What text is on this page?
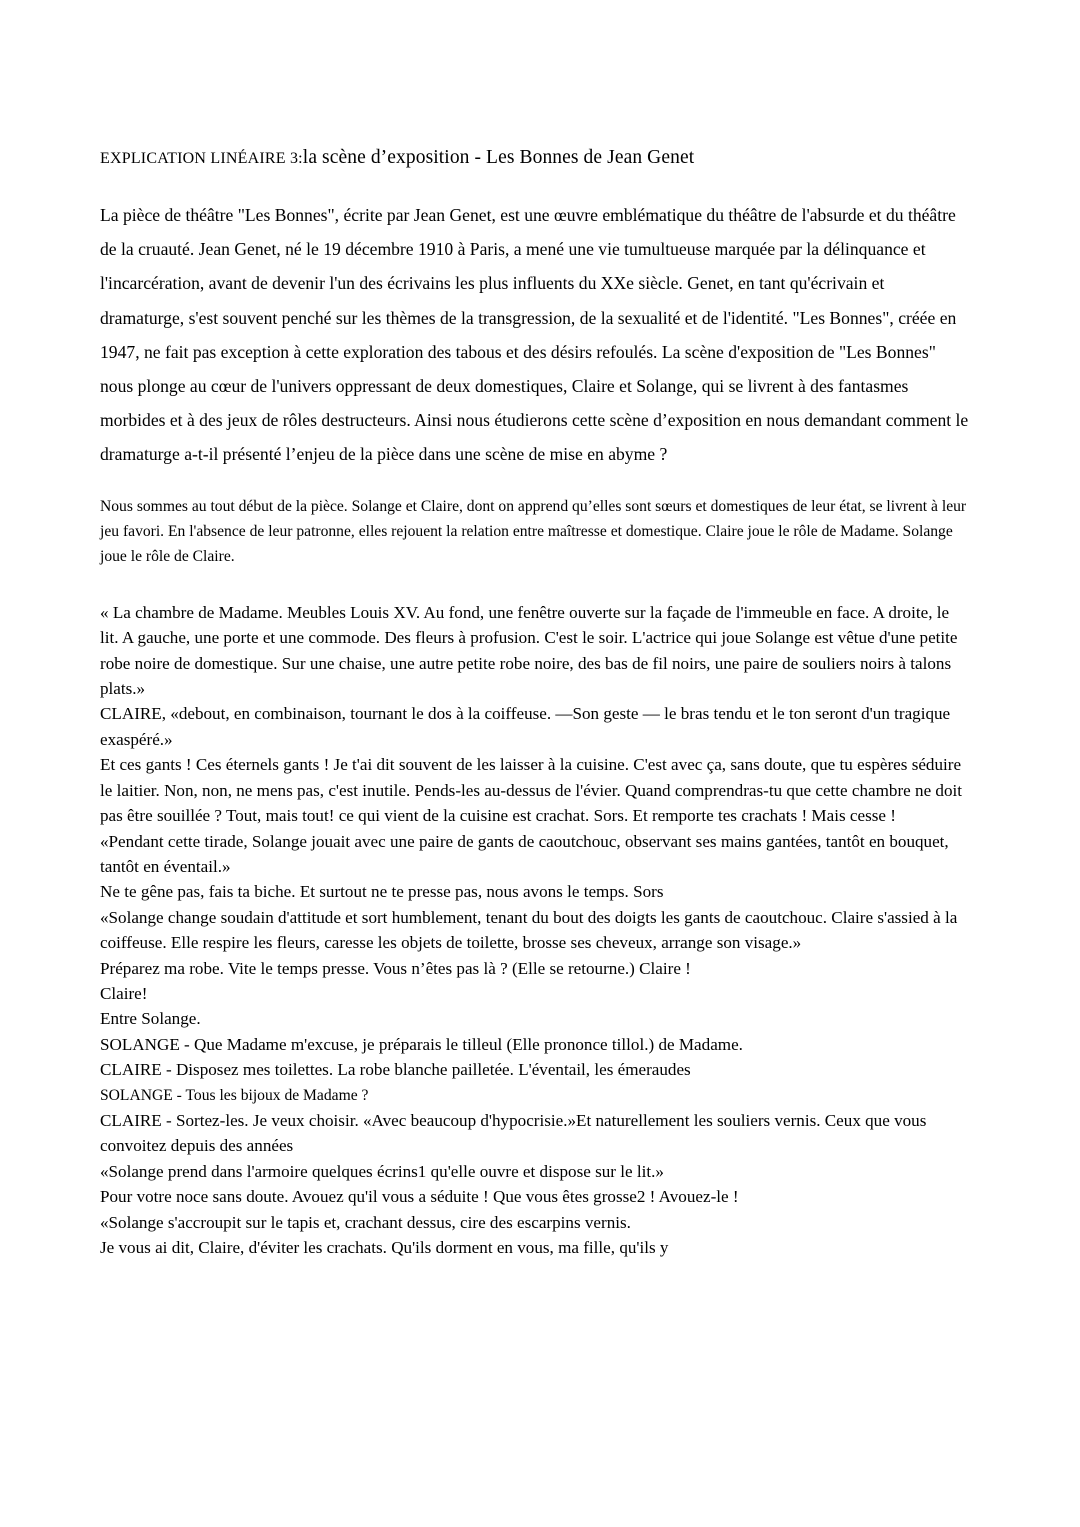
EXPLICATION LINÉAIRE 3:la scène d’exposition - Les Bonnes de Jean Genet

La pièce de théâtre "Les Bonnes", écrite par Jean Genet, est une œuvre emblématique du théâtre de l'absurde et du théâtre de la cruauté. Jean Genet, né le 19 décembre 1910 à Paris, a mené une vie tumultueuse marquée par la délinquance et l'incarcération, avant de devenir l'un des écrivains les plus influents du XXe siècle. Genet, en tant qu'écrivain et dramaturge, s'est souvent penché sur les thèmes de la transgression, de la sexualité et de l'identité. "Les Bonnes", créée en 1947, ne fait pas exception à cette exploration des tabous et des désirs refoulés. La scène d'exposition de "Les Bonnes" nous plonge au cœur de l'univers oppressant de deux domestiques, Claire et Solange, qui se livrent à des fantasmes morbides et à des jeux de rôles destructeurs. Ainsi nous étudierons cette scène d’exposition en nous demandant comment le dramaturge a-t-il présenté l’enjeu de la pièce dans une scène de mise en abyme ?

Nous sommes au tout début de la pièce. Solange et Claire, dont on apprend qu’elles sont sœurs et domestiques de leur état, se livrent à leur jeu favori. En l'absence de leur patronne, elles rejouent la relation entre maîtresse et domestique. Claire joue le rôle de Madame. Solange joue le rôle de Claire.

« La chambre de Madame. Meubles Louis XV. Au fond, une fenêtre ouverte sur la façade de l'immeuble en face. A droite, le lit. A gauche, une porte et une commode. Des fleurs à profusion. C'est le soir. L'actrice qui joue Solange est vêtue d'une petite robe noire de domestique. Sur une chaise, une autre petite robe noire, des bas de fil noirs, une paire de souliers noirs à talons plats.»
CLAIRE, «debout, en combinaison, tournant le dos à la coiffeuse. —Son geste — le bras tendu et le ton seront d'un tragique exaspéré.»
Et ces gants ! Ces éternels gants ! Je t'ai dit souvent de les laisser à la cuisine. C'est avec ça, sans doute, que tu espères séduire le laitier. Non, non, ne mens pas, c'est inutile. Pends-les au-dessus de l'évier. Quand comprendras-tu que cette chambre ne doit pas être souillée ? Tout, mais tout! ce qui vient de la cuisine est crachat. Sors. Et remporte tes crachats ! Mais cesse !
«Pendant cette tirade, Solange jouait avec une paire de gants de caoutchouc, observant ses mains gantées, tantôt en bouquet, tantôt en éventail.»
Ne te gêne pas, fais ta biche. Et surtout ne te presse pas, nous avons le temps. Sors
«Solange change soudain d'attitude et sort humblement, tenant du bout des doigts les gants de caoutchouc. Claire s'assied à la coiffeuse. Elle respire les fleurs, caresse les objets de toilette, brosse ses cheveux, arrange son visage.»
Préparez ma robe. Vite le temps presse. Vous n’êtes pas là ? (Elle se retourne.) Claire !
Claire!
Entre Solange.
SOLANGE - Que Madame m'excuse, je préparais le tilleul (Elle prononce tillol.) de Madame.
CLAIRE - Disposez mes toilettes. La robe blanche pailletée. L'éventail, les émeraudes
SOLANGE - Tous les bijoux de Madame ?
CLAIRE - Sortez-les. Je veux choisir. «Avec beaucoup d'hypocrisie.»Et naturellement les souliers vernis. Ceux que vous convoitez depuis des années
«Solange prend dans l'armoire quelques écrins1 qu'elle ouvre et dispose sur le lit.»
Pour votre noce sans doute. Avouez qu'il vous a séduite ! Que vous êtes grosse2 ! Avouez-le !
«Solange s'accroupit sur le tapis et, crachant dessus, cire des escarpins vernis.
Je vous ai dit, Claire, d'éviter les crachats. Qu'ils dorment en vous, ma fille, qu'ils y
